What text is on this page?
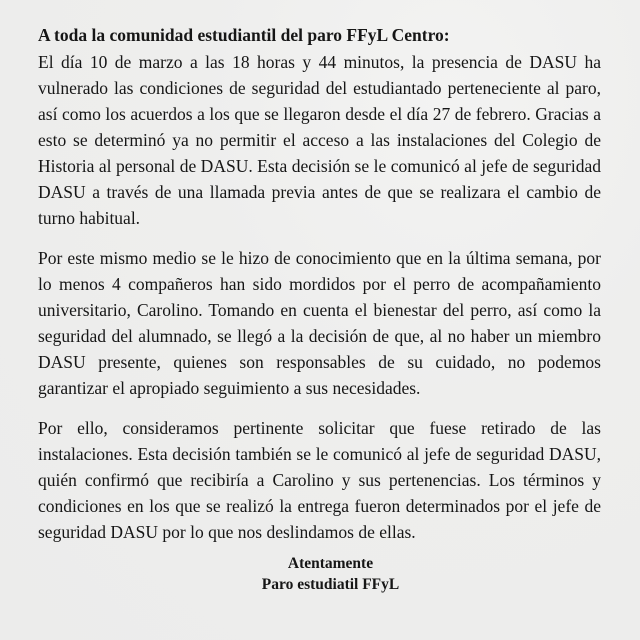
A toda la comunidad estudiantil del paro FFyL Centro:

El día 10 de marzo a las 18 horas y 44 minutos, la presencia de DASU ha vulnerado las condiciones de seguridad del estudiantado perteneciente al paro, así como los acuerdos a los que se llegaron desde el día 27 de febrero. Gracias a esto se determinó ya no permitir el acceso a las instalaciones del Colegio de Historia al personal de DASU. Esta decisión se le comunicó al jefe de seguridad DASU a través de una llamada previa antes de que se realizara el cambio de turno habitual.

Por este mismo medio se le hizo de conocimiento que en la última semana, por lo menos 4 compañeros han sido mordidos por el perro de acompañamiento universitario, Carolino. Tomando en cuenta el bienestar del perro, así como la seguridad del alumnado, se llegó a la decisión de que, al no haber un miembro DASU presente, quienes son responsables de su cuidado, no podemos garantizar el apropiado seguimiento a sus necesidades.

Por ello, consideramos pertinente solicitar que fuese retirado de las instalaciones. Esta decisión también se le comunicó al jefe de seguridad DASU, quién confirmó que recibiría a Carolino y sus pertenencias. Los términos y condiciones en los que se realizó la entrega fueron determinados por el jefe de seguridad DASU por lo que nos deslindamos de ellas.

Atentamente
Paro estudiatil FFyL
